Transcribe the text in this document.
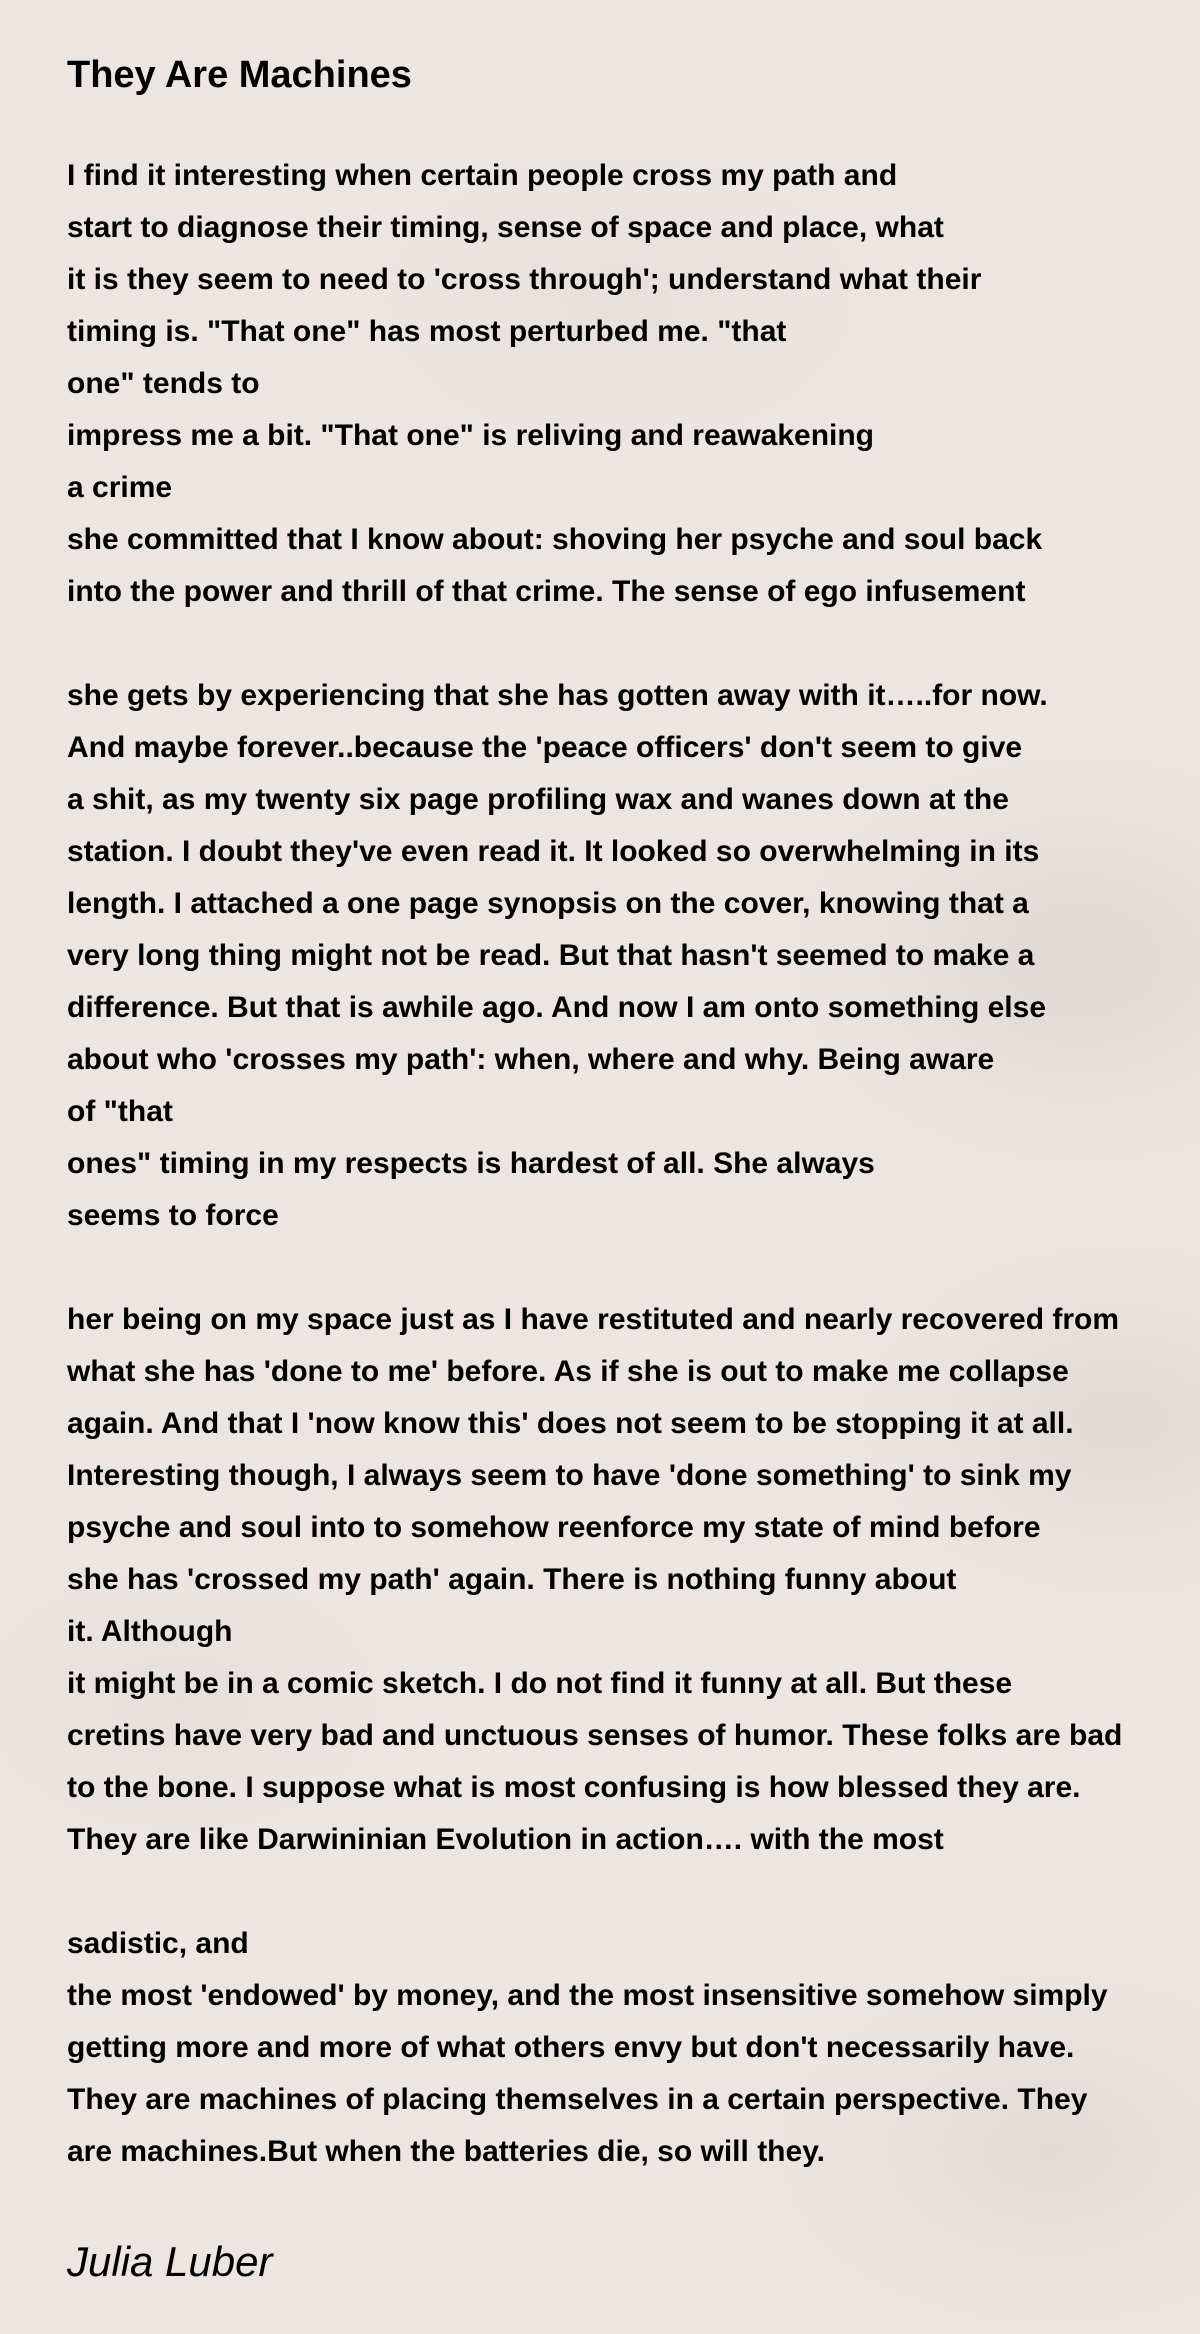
They Are Machines
I find it interesting when certain people cross my path and
start to diagnose their timing, sense of space and place, what
it is they seem to need to 'cross through'; understand what their
timing is. "That one" has most perturbed me. "that
one" tends to
impress me a bit. "That one" is reliving and reawakening
a crime
she committed that I know about: shoving her psyche and soul back
into the power and thrill of that crime. The sense of ego infusement
she gets by experiencing that she has gotten away with it…..for now.
And maybe forever..because the 'peace officers' don't seem to give
a shit, as my twenty six page profiling wax and wanes down at the
station. I doubt they've even read it. It looked so overwhelming in its
length. I attached a one page synopsis on the cover, knowing that a
very long thing might not be read. But that hasn't seemed to make a
difference. But that is awhile ago. And now I am onto something else
about who 'crosses my path': when, where and why. Being aware
of "that
ones" timing in my respects is hardest of all. She always
seems to force
her being on my space just as I have restituted and nearly recovered from
what she has 'done to me' before. As if she is out to make me collapse
again. And that I 'now know this' does not seem to be stopping it at all.
Interesting though, I always seem to have 'done something' to sink my
psyche and soul into to somehow reenforce my state of mind before
she has 'crossed my path' again. There is nothing funny about
it. Although
it might be in a comic sketch. I do not find it funny at all. But these
cretins have very bad and unctuous senses of humor. These folks are bad
to the bone. I suppose what is most confusing is how blessed they are.
They are like Darwininian Evolution in action…. with the most
sadistic, and
the most 'endowed' by money, and the most insensitive somehow simply
getting more and more of what others envy but don't necessarily have.
They are machines of placing themselves in a certain perspective. They
are machines.But when the batteries die, so will they.
Julia Luber
